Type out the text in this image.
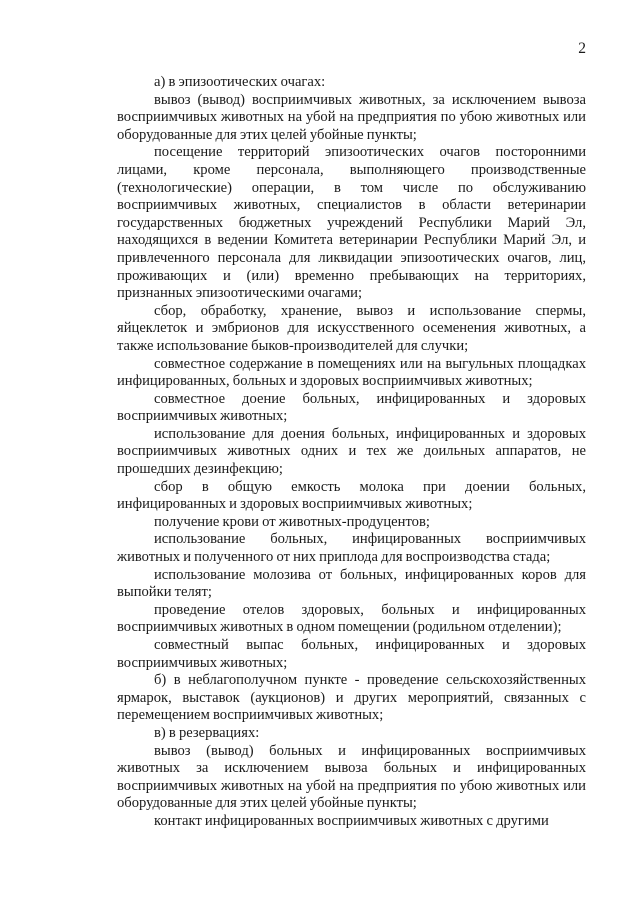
2

а) в эпизоотических очагах:

вывоз (вывод) восприимчивых животных, за исключением вывоза восприимчивых животных на убой на предприятия по убою животных или оборудованные для этих целей убойные пункты;

посещение территорий эпизоотических очагов посторонними лицами, кроме персонала, выполняющего производственные (технологические) операции, в том числе по обслуживанию восприимчивых животных, специалистов в области ветеринарии государственных бюджетных учреждений Республики Марий Эл, находящихся в ведении Комитета ветеринарии Республики Марий Эл, и привлеченного персонала для ликвидации эпизоотических очагов, лиц, проживающих и (или) временно пребывающих на территориях, признанных эпизоотическими очагами;

сбор, обработку, хранение, вывоз и использование спермы, яйцеклеток и эмбрионов для искусственного осеменения животных, а также использование быков-производителей для случки;

совместное содержание в помещениях или на выгульных площадках инфицированных, больных и здоровых восприимчивых животных;

совместное доение больных, инфицированных и здоровых восприимчивых животных;

использование для доения больных, инфицированных и здоровых восприимчивых животных одних и тех же доильных аппаратов, не прошедших дезинфекцию;

сбор в общую емкость молока при доении больных, инфицированных и здоровых восприимчивых животных;

получение крови от животных-продуцентов;

использование больных, инфицированных восприимчивых животных и полученного от них приплода для воспроизводства стада;

использование молозива от больных, инфицированных коров для выпойки телят;

проведение отелов здоровых, больных и инфицированных восприимчивых животных в одном помещении (родильном отделении);

совместный выпас больных, инфицированных и здоровых восприимчивых животных;

б) в неблагополучном пункте - проведение сельскохозяйственных ярмарок, выставок (аукционов) и других мероприятий, связанных с перемещением восприимчивых животных;

в) в резервациях:

вывоз (вывод) больных и инфицированных восприимчивых животных за исключением вывоза больных и инфицированных восприимчивых животных на убой на предприятия по убою животных или оборудованные для этих целей убойные пункты;

контакт инфицированных восприимчивых животных с другими
